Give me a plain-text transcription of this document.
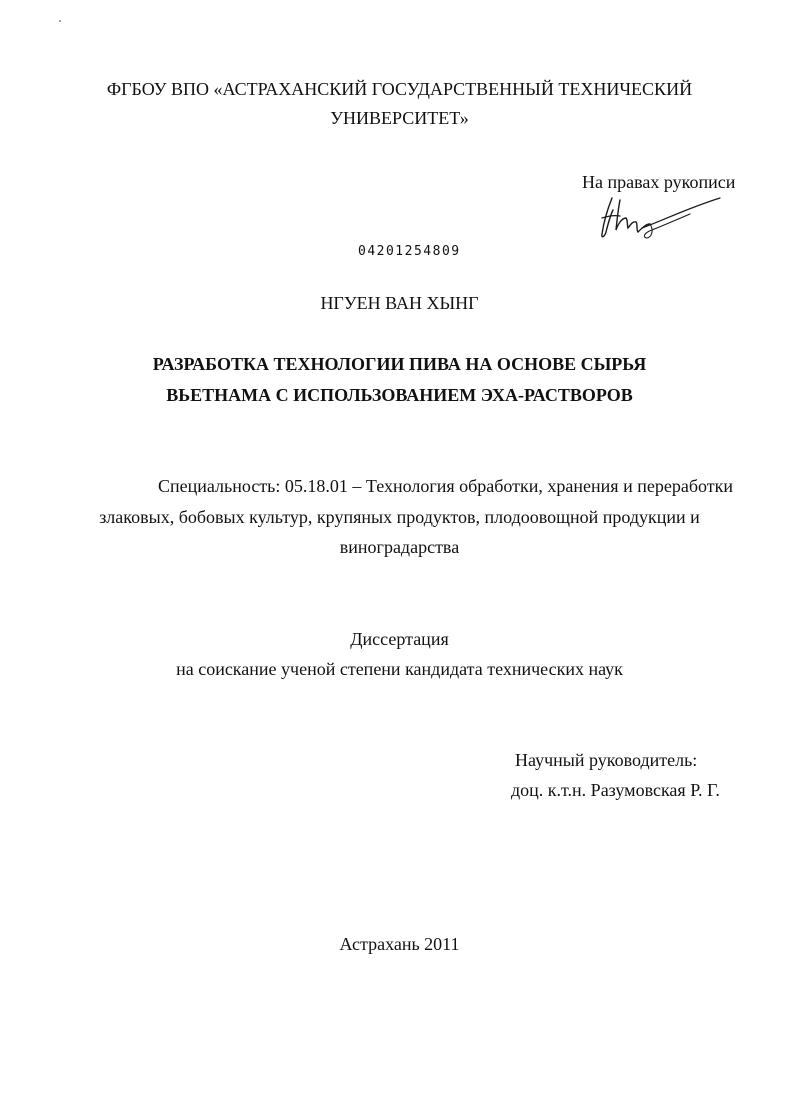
ФГБОУ ВПО «АСТРАХАНСКИЙ ГОСУДАРСТВЕННЫЙ ТЕХНИЧЕСКИЙ
УНИВЕРСИТЕТ»
На правах рукописи
04201254809
НГУЕН ВАН ХЫНГ
РАЗРАБОТКА ТЕХНОЛОГИИ ПИВА НА ОСНОВЕ СЫРЬЯ
ВЬЕТНАМА С ИСПОЛЬЗОВАНИЕМ ЭХА-РАСТВОРОВ
Специальность: 05.18.01 – Технология обработки, хранения и переработки
злаковых, бобовых культур, крупяных продуктов, плодоовощной продукции и
виноградарства
Диссертация
на соискание ученой степени кандидата технических наук
Научный руководитель:
доц. к.т.н. Разумовская Р. Г.
Астрахань 2011
